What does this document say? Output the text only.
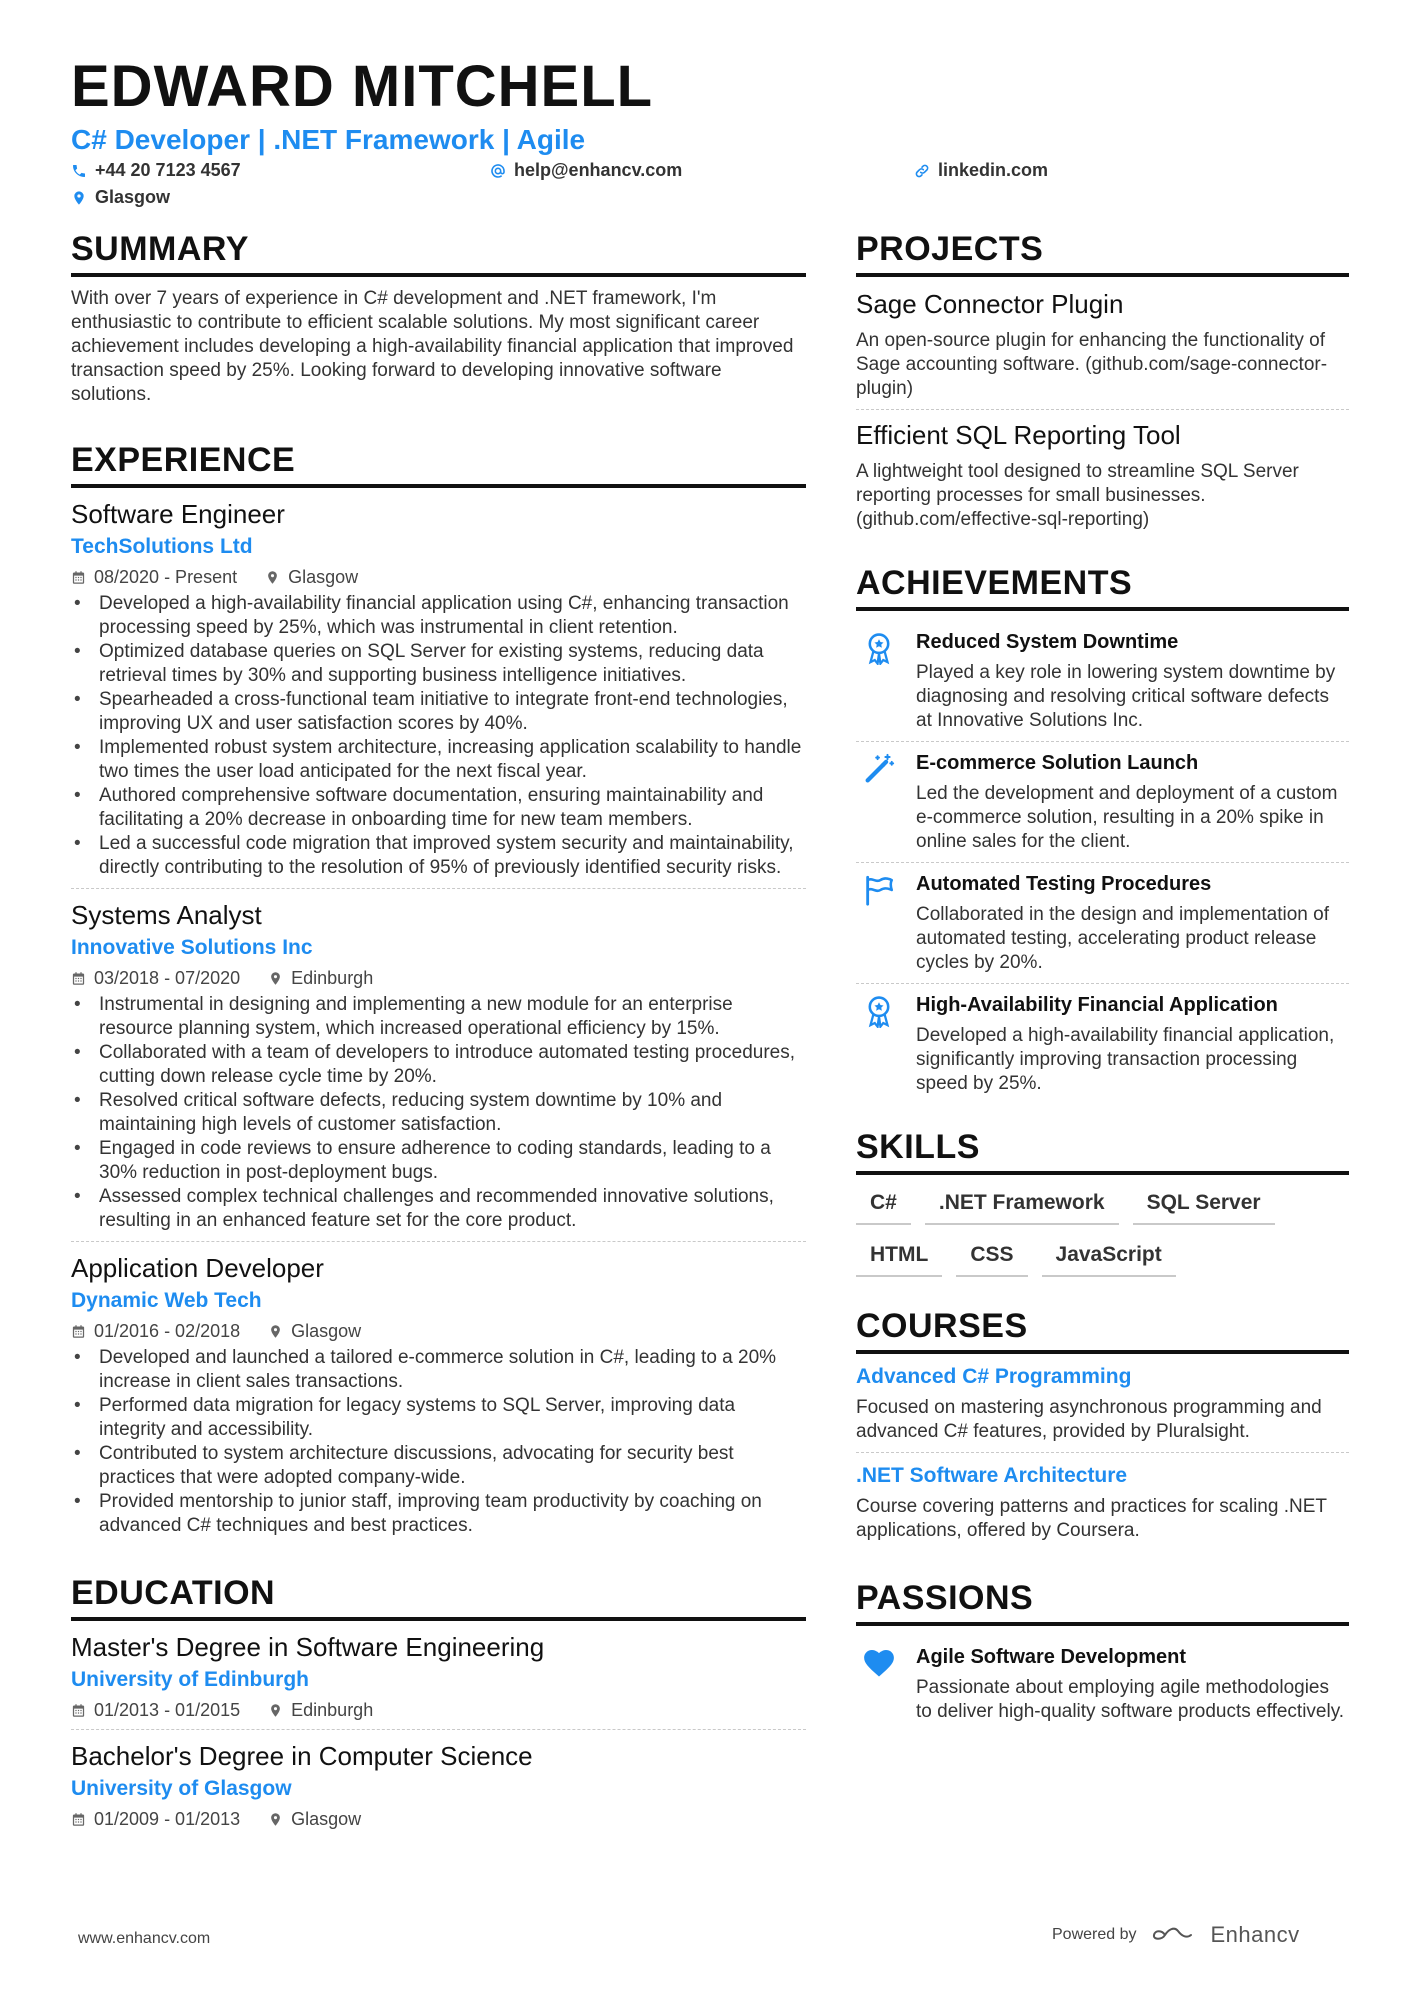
EDWARD MITCHELL
C# Developer | .NET Framework | Agile
+44 20 7123 4567	help@enhancv.com	linkedin.com
Glasgow
SUMMARY

With over 7 years of experience in C# development and .NET framework, I'm enthusiastic to contribute to efficient scalable solutions. My most significant career achievement includes developing a high-availability financial application that improved transaction speed by 25%. Looking forward to developing innovative software solutions.

EXPERIENCE
Software Engineer
TechSolutions Ltd
08/2020 - Present	Glasgow
• Developed a high-availability financial application using C#, enhancing transaction processing speed by 25%, which was instrumental in client retention.
• Optimized database queries on SQL Server for existing systems, reducing data retrieval times by 30% and supporting business intelligence initiatives.
• Spearheaded a cross-functional team initiative to integrate front-end technologies, improving UX and user satisfaction scores by 40%.
• Implemented robust system architecture, increasing application scalability to handle two times the user load anticipated for the next fiscal year.
• Authored comprehensive software documentation, ensuring maintainability and facilitating a 20% decrease in onboarding time for new team members.
• Led a successful code migration that improved system security and maintainability, directly contributing to the resolution of 95% of previously identified security risks.
Systems Analyst
Innovative Solutions Inc
03/2018 - 07/2020	Edinburgh
• Instrumental in designing and implementing a new module for an enterprise resource planning system, which increased operational efficiency by 15%.
• Collaborated with a team of developers to introduce automated testing procedures, cutting down release cycle time by 20%.
• Resolved critical software defects, reducing system downtime by 10% and maintaining high levels of customer satisfaction.
• Engaged in code reviews to ensure adherence to coding standards, leading to a 30% reduction in post-deployment bugs.
• Assessed complex technical challenges and recommended innovative solutions, resulting in an enhanced feature set for the core product.
Application Developer
Dynamic Web Tech
01/2016 - 02/2018	Glasgow
• Developed and launched a tailored e-commerce solution in C#, leading to a 20% increase in client sales transactions.
• Performed data migration for legacy systems to SQL Server, improving data integrity and accessibility.
• Contributed to system architecture discussions, advocating for security best practices that were adopted company-wide.
• Provided mentorship to junior staff, improving team productivity by coaching on advanced C# techniques and best practices.
EDUCATION
Master's Degree in Software Engineering
University of Edinburgh
01/2013 - 01/2015	Edinburgh
Bachelor's Degree in Computer Science
University of Glasgow
01/2009 - 01/2013	Glasgow
PROJECTS
Sage Connector Plugin
An open-source plugin for enhancing the functionality of Sage accounting software. (github.com/sage-connector-plugin)
Efficient SQL Reporting Tool
A lightweight tool designed to streamline SQL Server reporting processes for small businesses. (github.com/effective-sql-reporting)
ACHIEVEMENTS
Reduced System Downtime
Played a key role in lowering system downtime by diagnosing and resolving critical software defects at Innovative Solutions Inc.
E-commerce Solution Launch
Led the development and deployment of a custom e-commerce solution, resulting in a 20% spike in online sales for the client.
Automated Testing Procedures
Collaborated in the design and implementation of automated testing, accelerating product release cycles by 20%.
High-Availability Financial Application
Developed a high-availability financial application, significantly improving transaction processing speed by 25%.
SKILLS
C#	.NET Framework	SQL Server
HTML	CSS	JavaScript
COURSES
Advanced C# Programming
Focused on mastering asynchronous programming and advanced C# features, provided by Pluralsight.
.NET Software Architecture
Course covering patterns and practices for scaling .NET applications, offered by Coursera.
PASSIONS
Agile Software Development
Passionate about employing agile methodologies to deliver high-quality software products effectively.
www.enhancv.com	Powered by	Enhancv
